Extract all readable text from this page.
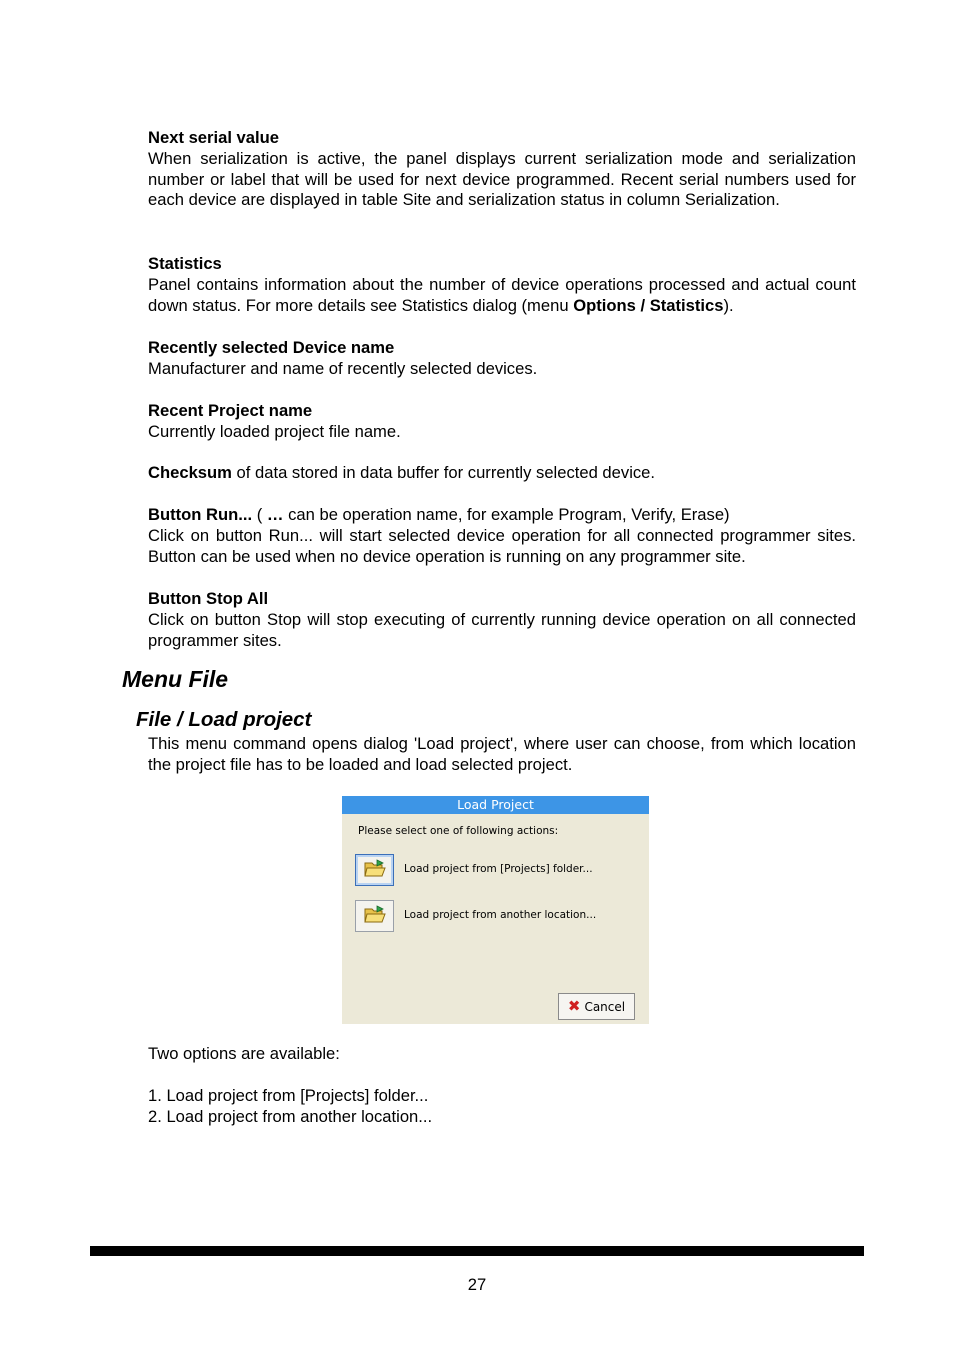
Next serial value
When serialization is active, the panel displays current serialization mode and serialization number or label that will be used for next device programmed. Recent serial numbers used for each device are displayed in table Site and serialization status in column Serialization.
Statistics
Panel contains information about the number of device operations processed and actual count down status. For more details see Statistics dialog (menu Options / Statistics).
Recently selected Device name
Manufacturer and name of recently selected devices.
Recent Project name
Currently loaded project file name.
Checksum of data stored in data buffer for currently selected device.
Button Run... ( … can be operation name, for example Program, Verify, Erase)
Click on button Run... will start selected device operation for all connected programmer sites. Button can be used when no device operation is running on any programmer site.
Button Stop All
Click on button Stop will stop executing of currently running device operation on all connected programmer sites.
Menu File
File / Load project
This menu command opens dialog 'Load project', where user can choose, from which location the project file has to be loaded and load selected project.
Load Project
Please select one of following actions:
Load project from [Projects] folder...
Load project from another location...
✖ Cancel
Two options are available:
1. Load project from [Projects] folder...
2. Load project from another location...
27
